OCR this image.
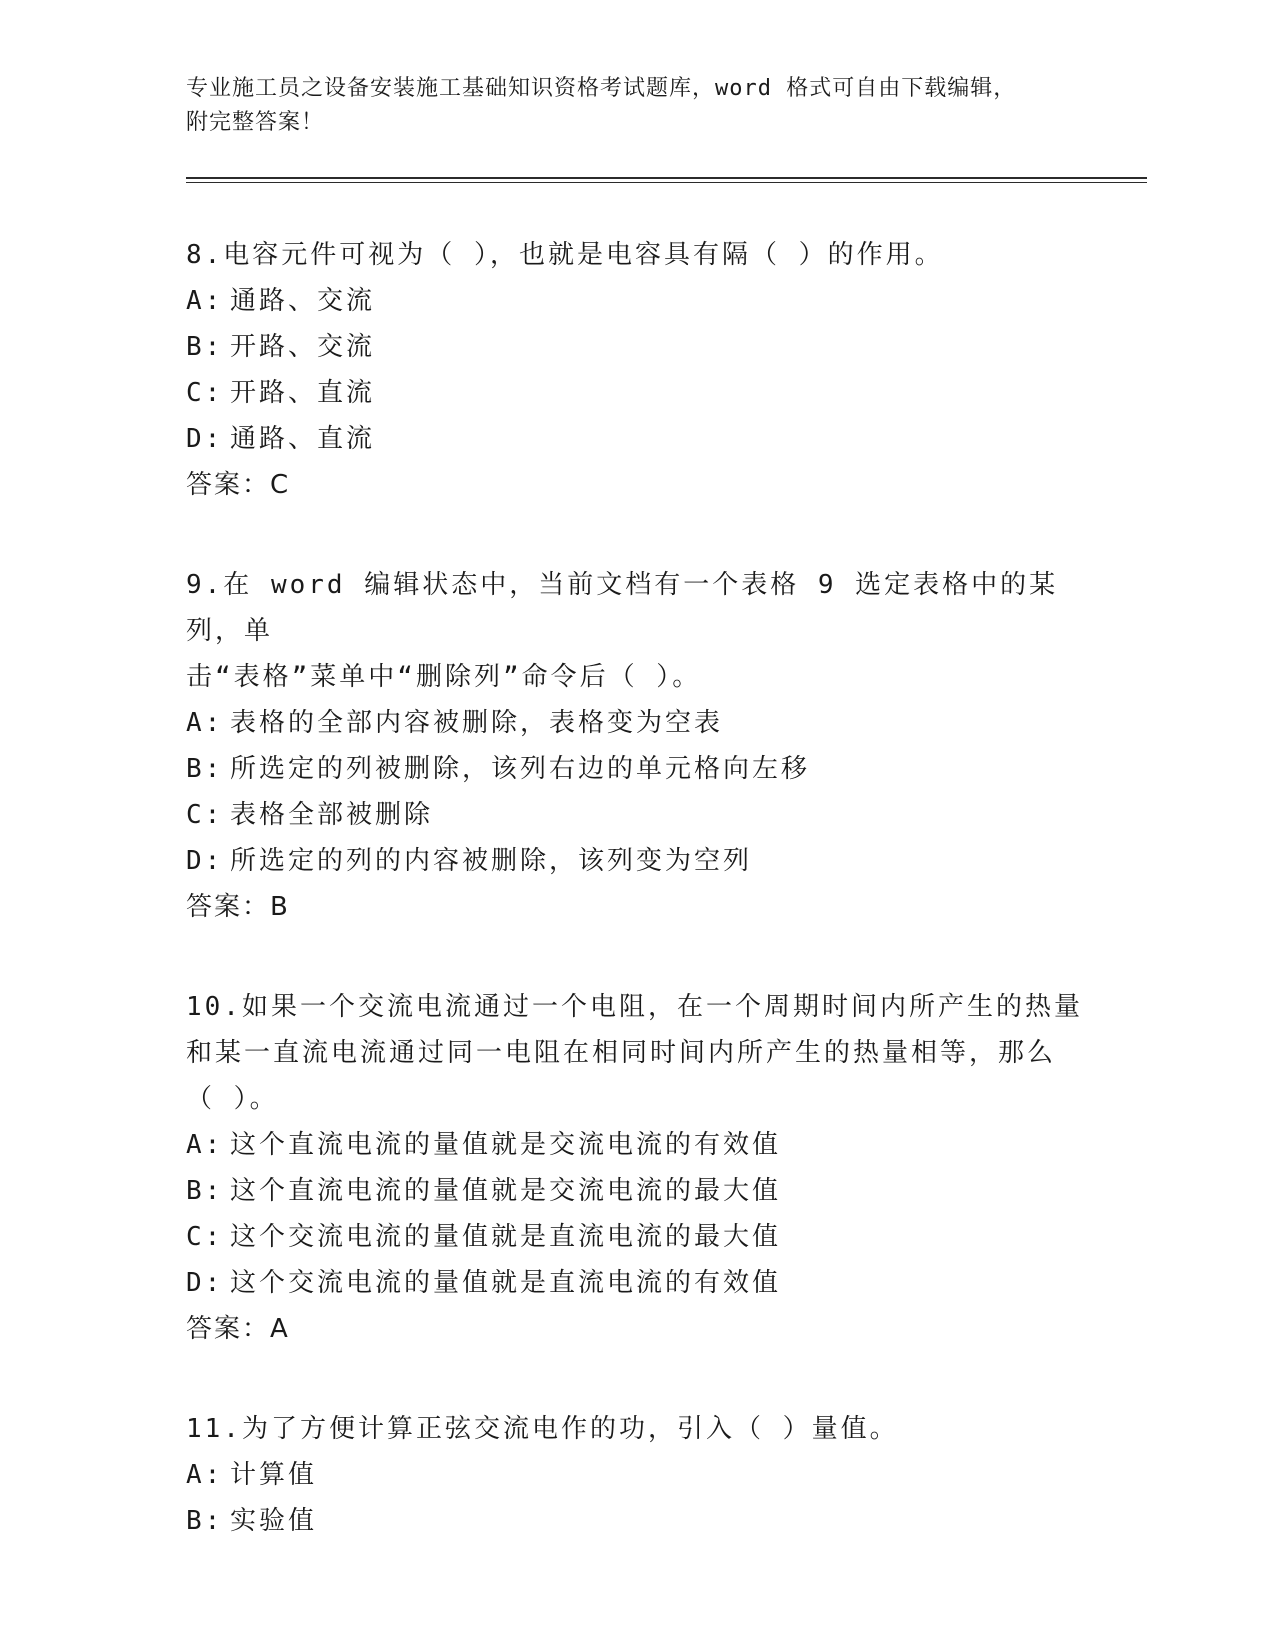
专业施工员之设备安装施工基础知识资格考试题库，word 格式可自由下载编辑，
附完整答案！
8.电容元件可视为（ ），也就是电容具有隔（ ）的作用。
A: 通路、交流
B: 开路、交流
C: 开路、直流
D: 通路、直流
答案：C
9.在 word 编辑状态中，当前文档有一个表格 9 选定表格中的某列，单
击“表格”菜单中“删除列”命令后（ ）。
A: 表格的全部内容被删除，表格变为空表
B: 所选定的列被删除，该列右边的单元格向左移
C: 表格全部被删除
D: 所选定的列的内容被删除，该列变为空列
答案：B
10.如果一个交流电流通过一个电阻，在一个周期时间内所产生的热量
和某一直流电流通过同一电阻在相同时间内所产生的热量相等，那么
（ ）。
A: 这个直流电流的量值就是交流电流的有效值
B: 这个直流电流的量值就是交流电流的最大值
C: 这个交流电流的量值就是直流电流的最大值
D: 这个交流电流的量值就是直流电流的有效值
答案：A
11.为了方便计算正弦交流电作的功，引入（ ）量值。
A: 计算值
B: 实验值
